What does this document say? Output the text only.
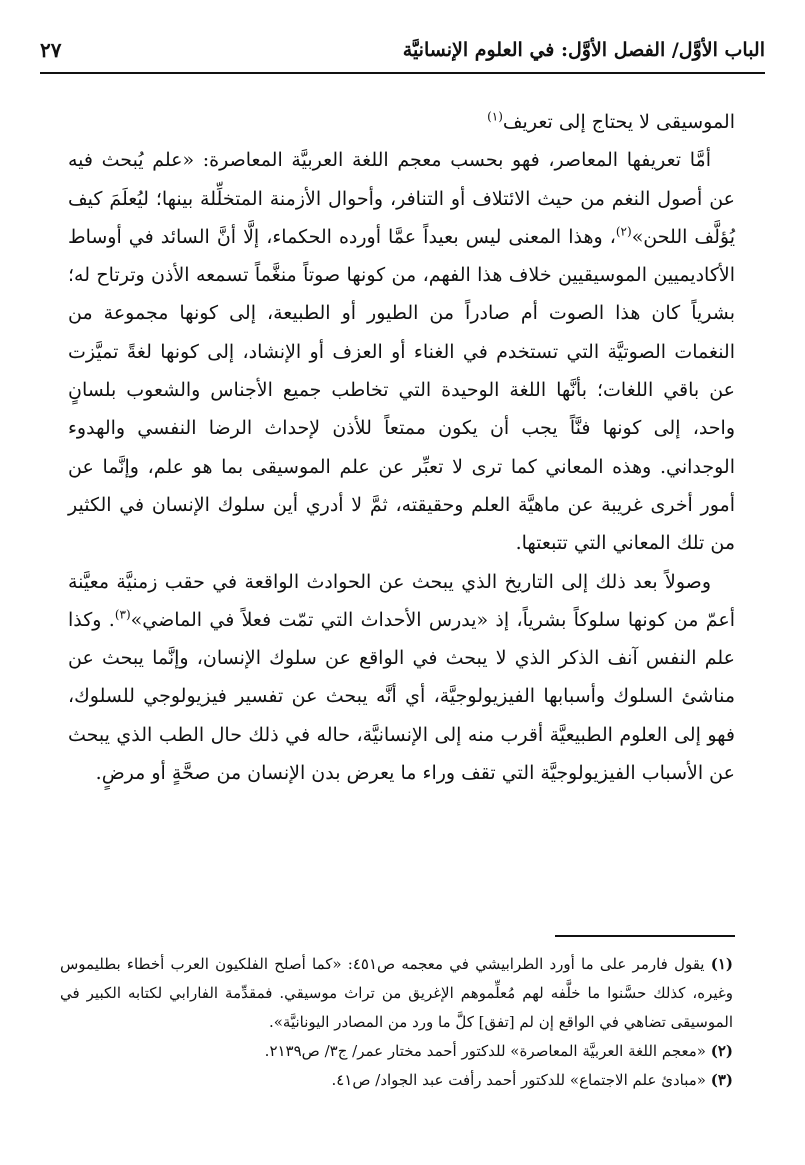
الباب الأوَّل/ الفصل الأوَّل: في العلوم الإنسانيَّة
٢٧

الموسيقى لا يحتاج إلى تعريف$^{(١)}$

أمَّا تعريفها المعاصر، فهو بحسب معجم اللغة العربيَّة المعاصرة: «علم يُبحث فيه عن أصول النغم من حيث الائتلاف أو التنافر، وأحوال الأزمنة المتخلِّلة بينها؛ ليُعلَمَ كيف يُؤلَّف اللحن»$^{(٢)}$، وهذا المعنى ليس بعيداً عمَّا أورده الحكماء، إلَّا أنَّ السائد في أوساط الأكاديميين الموسيقيين خلاف هذا الفهم، من كونها صوتاً منغَّماً تسمعه الأذن وترتاح له؛ بشرياً كان هذا الصوت أم صادراً من الطيور أو الطبيعة، إلى كونها مجموعة من النغمات الصوتيَّة التي تستخدم في الغناء أو العزف أو الإنشاد، إلى كونها لغةً تميَّزت عن باقي اللغات؛ بأنَّها اللغة الوحيدة التي تخاطب جميع الأجناس والشعوب بلسانٍ واحد، إلى كونها فنَّاً يجب أن يكون ممتعاً للأذن لإحداث الرضا النفسي والهدوء الوجداني. وهذه المعاني كما ترى لا تعبِّر عن علم الموسيقى بما هو علم، وإنَّما عن أمور أخرى غريبة عن ماهيَّة العلم وحقيقته، ثمَّ لا أدري أين سلوك الإنسان في الكثير من تلك المعاني التي تتبعتها.

وصولاً بعد ذلك إلى التاريخ الذي يبحث عن الحوادث الواقعة في حقب زمنيَّة معيَّنة أعمّ من كونها سلوكاً بشرياً، إذ «يدرس الأحداث التي تمّت فعلاً في الماضي»$^{(٣)}$. وكذا علم النفس آنف الذكر الذي لا يبحث في الواقع عن سلوك الإنسان، وإنَّما يبحث عن مناشئ السلوك وأسبابها الفيزيولوجيَّة، أي أنَّه يبحث عن تفسير فيزيولوجي للسلوك، فهو إلى العلوم الطبيعيَّة أقرب منه إلى الإنسانيَّة، حاله في ذلك حال الطب الذي يبحث عن الأسباب الفيزيولوجيَّة التي تقف وراء ما يعرض بدن الإنسان من صحَّةٍ أو مرضٍ.

(١) يقول فارمر على ما أورد الطرابيشي في معجمه ص٤٥١: «كما أصلح الفلكيون العرب أخطاء بطليموس وغيره، كذلك حسَّنوا ما خلَّفه لهم مُعلِّموهم الإغريق من تراث موسيقي. فمقدِّمة الفارابي لكتابه الكبير في الموسيقى تضاهي في الواقع إن لم [تفق] كلَّ ما ورد من المصادر اليونانيَّة».

(٢) «معجم اللغة العربيَّة المعاصرة» للدكتور أحمد مختار عمر/ ج٣/ ص٢١٣٩.

(٣) «مبادئ علم الاجتماع» للدكتور أحمد رأفت عبد الجواد/ ص٤١.
